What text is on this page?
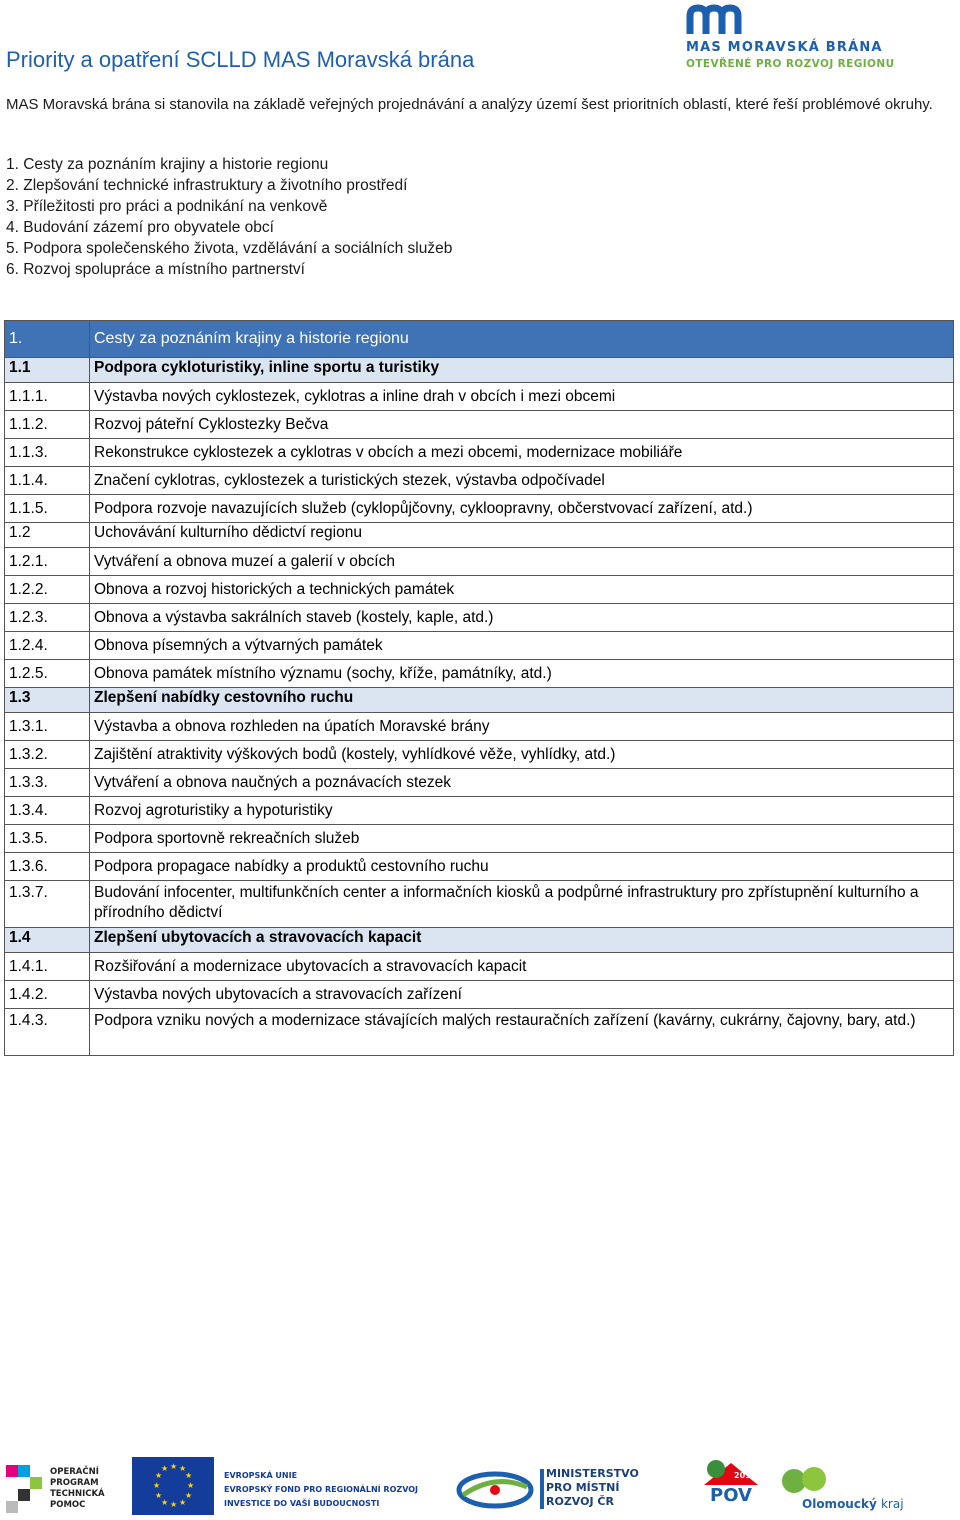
Priority a opatření SCLLD MAS Moravská brána	MAS MORAVSKÁ BRÁNA
OTEVŘENÉ PRO ROZVOJ REGIONU
MAS Moravská brána si stanovila na základě veřejných projednávání a analýzy území šest prioritních oblastí, které řeší problémové okruhy.
1. Cesty za poznáním krajiny a historie regionu
2. Zlepšování technické infrastruktury a životního prostředí
3. Příležitosti pro práci a podnikání na venkově
4. Budování zázemí pro obyvatele obcí
5. Podpora společenského života, vzdělávání a sociálních služeb
6. Rozvoj spolupráce a místního partnerství
1.	Cesty za poznáním krajiny a historie regionu
1.1	Podpora cykloturistiky, inline sportu a turistiky
1.1.1.	Výstavba nových cyklostezek, cyklotras a inline drah v obcích i mezi obcemi
1.1.2.	Rozvoj páteřní Cyklostezky Bečva
1.1.3.	Rekonstrukce cyklostezek a cyklotras v obcích a mezi obcemi, modernizace mobiliáře
1.1.4.	Značení cyklotras, cyklostezek a turistických stezek, výstavba odpočívadel
1.1.5.	Podpora rozvoje navazujících služeb (cyklopůjčovny, cykloopravny, občerstvovací zařízení, atd.)
1.2	Uchovávání kulturního dědictví regionu
1.2.1.	Vytváření a obnova muzeí a galerií v obcích
1.2.2.	Obnova a rozvoj historických a technických památek
1.2.3.	Obnova a výstavba sakrálních staveb (kostely, kaple, atd.)
1.2.4.	Obnova písemných a výtvarných památek
1.2.5.	Obnova památek místního významu (sochy, kříže, památníky, atd.)
1.3	Zlepšení nabídky cestovního ruchu
1.3.1.	Výstavba a obnova rozhleden na úpatích Moravské brány
1.3.2.	Zajištění atraktivity výškových bodů (kostely, vyhlídkové věže, vyhlídky, atd.)
1.3.3.	Vytváření a obnova naučných a poznávacích stezek
1.3.4.	Rozvoj agroturistiky a hypoturistiky
1.3.5.	Podpora sportovně rekreačních služeb
1.3.6.	Podpora propagace nabídky a produktů cestovního ruchu
1.3.7.	Budování infocenter, multifunkčních center a informačních kiosků a podpůrné infrastruktury pro zpřístupnění kulturního a přírodního dědictví
1.4	Zlepšení ubytovacích a stravovacích kapacit
1.4.1.	Rozšiřování a modernizace ubytovacích a stravovacích kapacit
1.4.2.	Výstavba nových ubytovacích a stravovacích zařízení
1.4.3.	Podpora vzniku nových a modernizace stávajících malých restauračních zařízení (kavárny, cukrárny, čajovny, bary, atd.)
OPERAČNÍ
PROGRAM
TECHNICKÁ
POMOC
★ ★
★
★
★
★
★
★
★
★
★
★
EVROPSKÁ UNIE
EVROPSKÝ FOND PRO REGIONÁLNÍ ROZVOJ
INVESTICE DO VAŠÍ BUDOUCNOSTI
MINISTERSTVO
PRO MÍSTNÍ
ROZVOJ ČR
2013
POV	Olomoucký kraj
